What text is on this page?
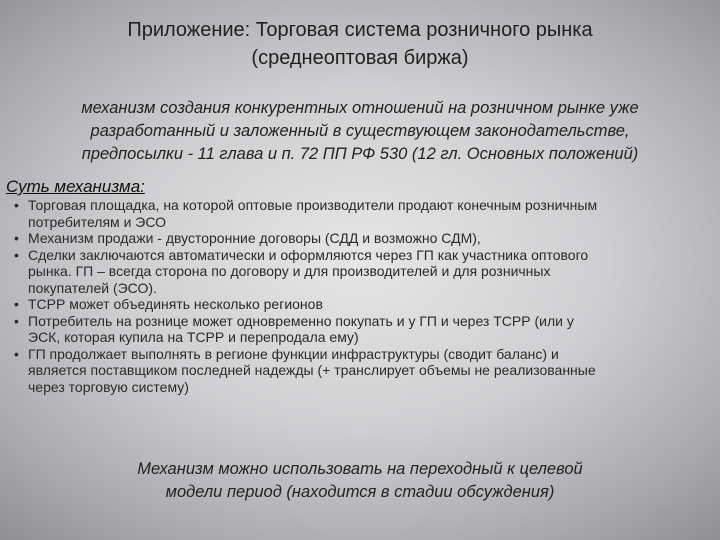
Приложение: Торговая система розничного рынка
(среднеоптовая биржа)
механизм создания конкурентных отношений на розничном рынке уже
разработанный и заложенный в существующем законодательстве,
предпосылки - 11 глава и п. 72 ПП РФ 530 (12 гл. Основных положений)
Суть механизма:
• Торговая площадка, на которой оптовые производители продают конечным розничным
потребителям и ЭСО
• Механизм продажи - двусторонние договоры (СДД и возможно СДМ),
• Сделки заключаются автоматически и оформляются через ГП как участника оптового
рынка. ГП – всегда сторона по договору и для производителей и для розничных
покупателей (ЭСО).
• ТСРР может объединять несколько регионов
• Потребитель на рознице может одновременно покупать и у ГП и через ТСРР (или у
ЭСК, которая купила на ТСРР и перепродала ему)
• ГП продолжает выполнять в регионе функции инфраструктуры (сводит баланс) и
является поставщиком последней надежды (+ транслирует объемы не реализованные
через торговую систему)
Механизм можно использовать на переходный к целевой
модели период (находится в стадии обсуждения)
24
